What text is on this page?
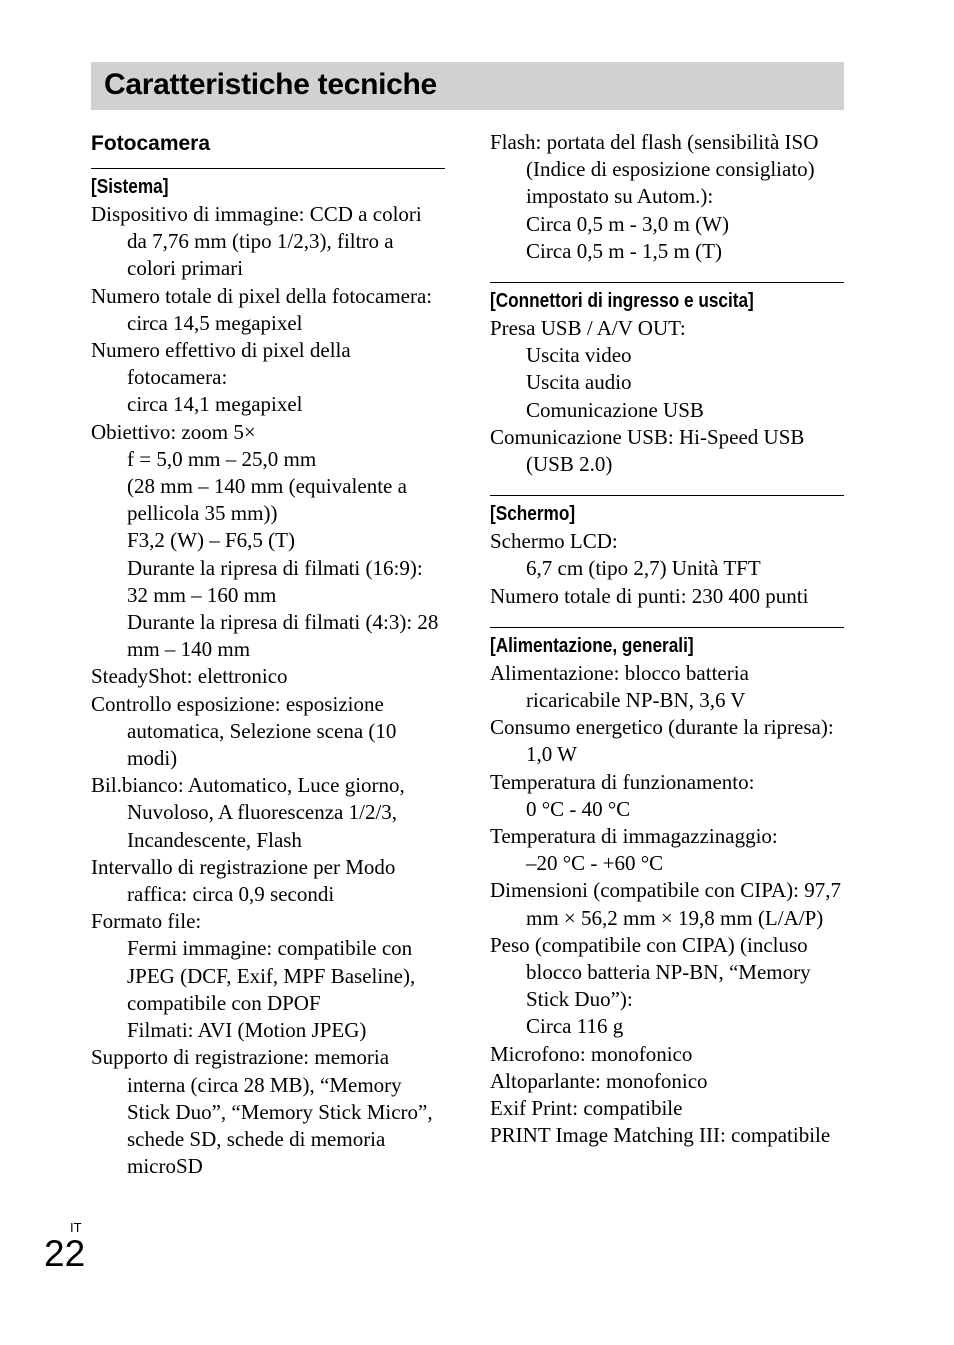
Caratteristiche tecniche
Fotocamera
[Sistema]
Dispositivo di immagine: CCD a colori da 7,76 mm (tipo 1/2,3), filtro a colori primari
Numero totale di pixel della fotocamera:
circa 14,5 megapixel
Numero effettivo di pixel della fotocamera:
circa 14,1 megapixel
Obiettivo: zoom 5×
f = 5,0 mm – 25,0 mm
(28 mm – 140 mm (equivalente a pellicola 35 mm))
F3,2 (W) – F6,5 (T)
Durante la ripresa di filmati (16:9): 32 mm – 160 mm
Durante la ripresa di filmati (4:3): 28 mm – 140 mm
SteadyShot: elettronico
Controllo esposizione: esposizione automatica, Selezione scena (10 modi)
Bil.bianco: Automatico, Luce giorno, Nuvoloso, A fluorescenza 1/2/3, Incandescente, Flash
Intervallo di registrazione per Modo raffica: circa 0,9 secondi
Formato file:
Fermi immagine: compatibile con JPEG (DCF, Exif, MPF Baseline), compatibile con DPOF
Filmati: AVI (Motion JPEG)
Supporto di registrazione: memoria interna (circa 28 MB), “Memory Stick Duo”, “Memory Stick Micro”, schede SD, schede di memoria microSD
Flash: portata del flash (sensibilità ISO (Indice di esposizione consigliato) impostato su Autom.):
Circa 0,5 m - 3,0 m (W)
Circa 0,5 m - 1,5 m (T)
[Connettori di ingresso e uscita]
Presa USB / A/V OUT:
Uscita video
Uscita audio
Comunicazione USB
Comunicazione USB: Hi-Speed USB (USB 2.0)
[Schermo]
Schermo LCD:
6,7 cm (tipo 2,7) Unità TFT
Numero totale di punti: 230 400 punti
[Alimentazione, generali]
Alimentazione: blocco batteria ricaricabile NP-BN, 3,6 V
Consumo energetico (durante la ripresa): 1,0 W
Temperatura di funzionamento:
0 °C - 40 °C
Temperatura di immagazzinaggio:
–20 °C - +60 °C
Dimensioni (compatibile con CIPA): 97,7 mm × 56,2 mm × 19,8 mm (L/A/P)
Peso (compatibile con CIPA) (incluso blocco batteria NP-BN, “Memory Stick Duo”):
Circa 116 g
Microfono: monofonico
Altoparlante: monofonico
Exif Print: compatibile
PRINT Image Matching III: compatibile
IT
22
